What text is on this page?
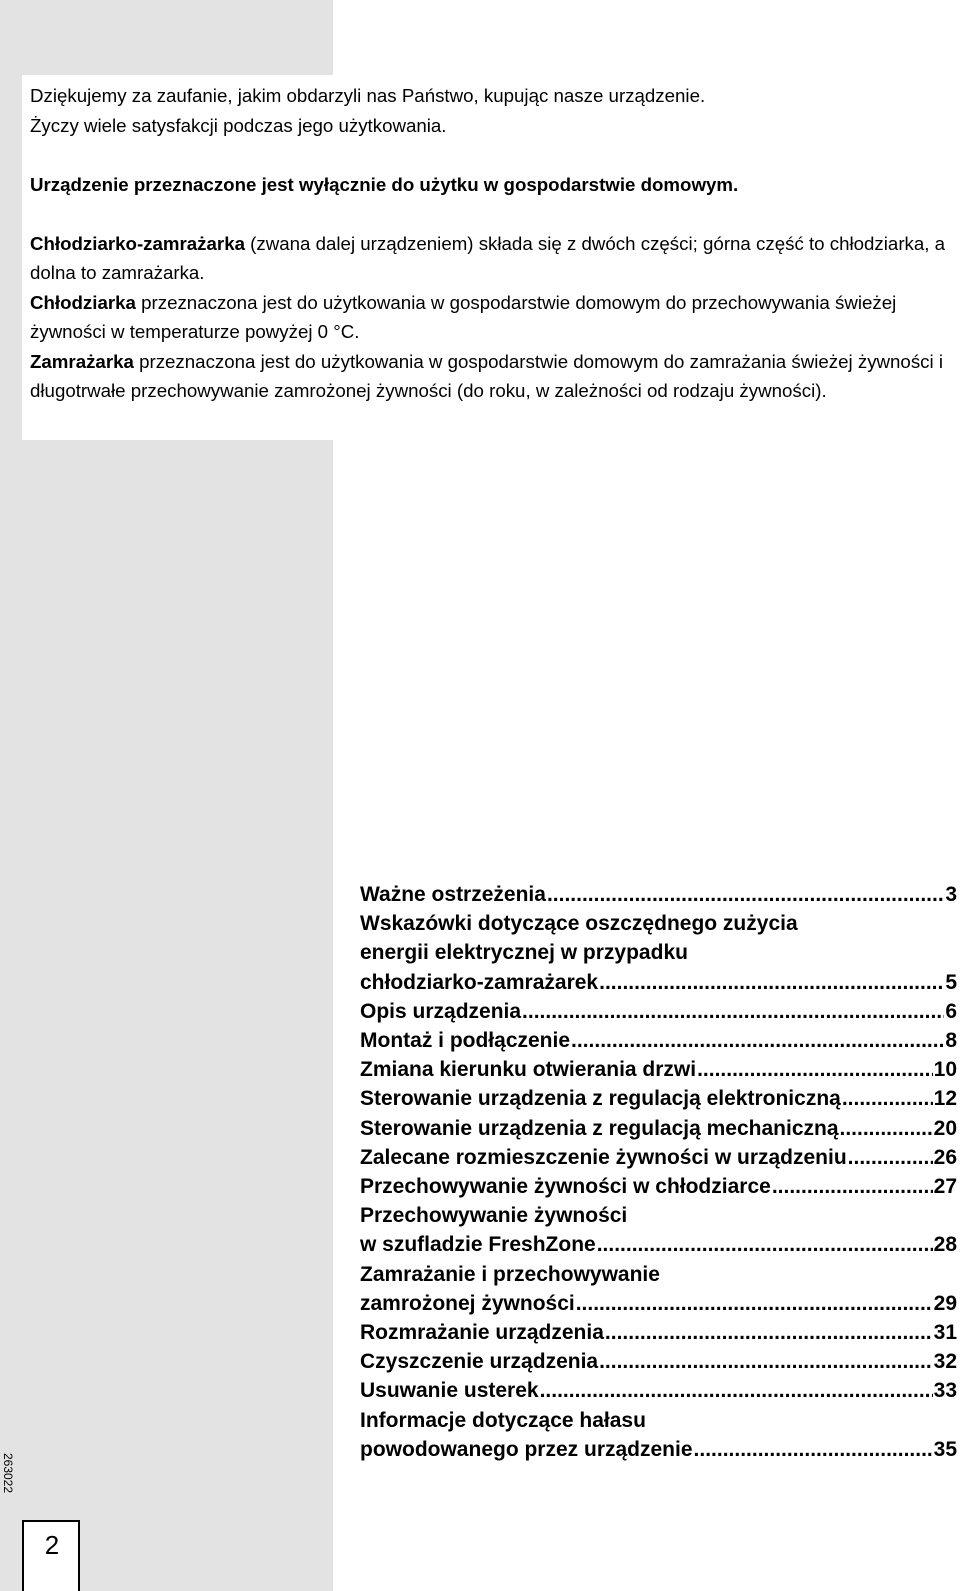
Dziękujemy za zaufanie, jakim obdarzyli nas Państwo, kupując nasze urządzenie.

Życzy wiele satysfakcji podczas jego użytkowania.

Urządzenie przeznaczone jest wyłącznie do użytku w gospodarstwie domowym.

Chłodziarko-zamrażarka (zwana dalej urządzeniem) składa się z dwóch części; górna część to chłodziarka, a dolna to zamrażarka.

Chłodziarka przeznaczona jest do użytkowania w gospodarstwie domowym do przechowywania świeżej żywności w temperaturze powyżej 0 °C.

Zamrażarka przeznaczona jest do użytkowania w gospodarstwie domowym do zamrażania świeżej żywności i długotrwałe przechowywanie zamrożonej żywności (do roku, w zależności od rodzaju żywności).

Ważne ostrzeżenia .....	3
Wskazówki dotyczące oszczędnego zużycia
energii elektrycznej w przypadku
chłodziarko-zamrażarek .....	5
Opis urządzenia .....	6
Montaż i podłączenie .....	8
Zmiana kierunku otwierania drzwi .....	10
Sterowanie urządzenia z regulacją elektroniczną .....	12
Sterowanie urządzenia z regulacją mechaniczną .....	20
Zalecane rozmieszczenie żywności w urządzeniu .....	26
Przechowywanie żywności w chłodziarce .....	27
Przechowywanie żywności
w szufladzie FreshZone .....	28
Zamrażanie i przechowywanie
zamrożonej żywności .....	29
Rozmrażanie urządzenia .....	31
Czyszczenie urządzenia .....	32
Usuwanie usterek .....	33
Informacje dotyczące hałasu
powodowanego przez urządzenie .....	35
263022
2
